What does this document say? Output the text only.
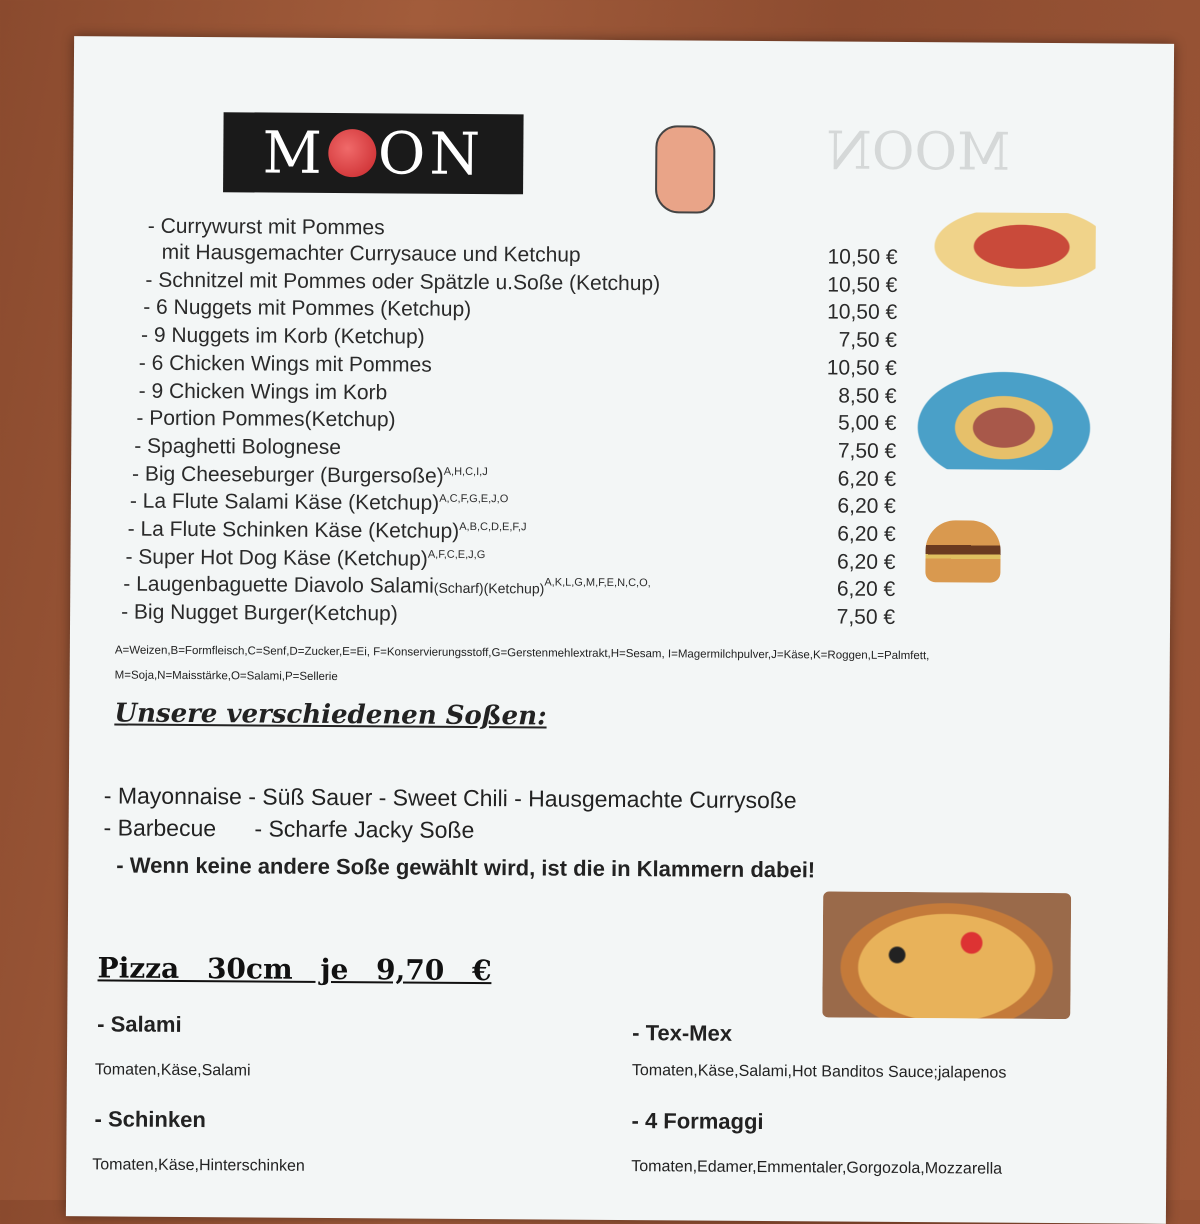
M ON	MOON
- Currywurst mit Pommes
mit Hausgemachter Currysauce und Ketchup	10,50 €
- Schnitzel mit Pommes oder Spätzle u.Soße (Ketchup)	10,50 €
- 6 Nuggets mit Pommes (Ketchup)	10,50 €
- 9 Nuggets im Korb (Ketchup)	7,50 €
- 6 Chicken Wings mit Pommes	10,50 €
- 9 Chicken Wings im Korb	8,50 €
- Portion Pommes(Ketchup)	5,00 €
- Spaghetti Bolognese	7,50 €
- Big Cheeseburger (Burgersoße)$^{A,H,C,I,J}$	6,20 €
- La Flute Salami Käse (Ketchup)$^{A,C,F,G,E,J,O}$	6,20 €
- La Flute Schinken Käse (Ketchup)$^{A,B,C,D,E,F,J}$	6,20 €
- Super Hot Dog Käse (Ketchup)$^{A,F,C,E,J,G}$	6,20 €
- Laugenbaguette Diavolo Salami(Scharf)(Ketchup)$^{A,K,L,G,M,F,E,N,C,O,}$	6,20 €
- Big Nugget Burger(Ketchup)	7,50 €
A=Weizen,B=Formfleisch,C=Senf,D=Zucker,E=Ei, F=Konservierungsstoff,G=Gerstenmehlextrakt,H=Sesam, I=Magermilchpulver,J=Käse,K=Roggen,L=Palmfett,
M=Soja,N=Maisstärke,O=Salami,P=Sellerie
Unsere verschiedenen Soßen:
- Mayonnaise - Süß Sauer - Sweet Chili - Hausgemachte Currysoße
- Barbecue      - Scharfe Jacky Soße
- Wenn keine andere Soße gewählt wird, ist die in Klammern dabei!
Pizza 30cm je 9,70 €
- Salami
Tomaten,Käse,Salami
- Schinken
Tomaten,Käse,Hinterschinken
- Tex-Mex
Tomaten,Käse,Salami,Hot Banditos Sauce;jalapenos
- 4 Formaggi
Tomaten,Edamer,Emmentaler,Gorgozola,Mozzarella
